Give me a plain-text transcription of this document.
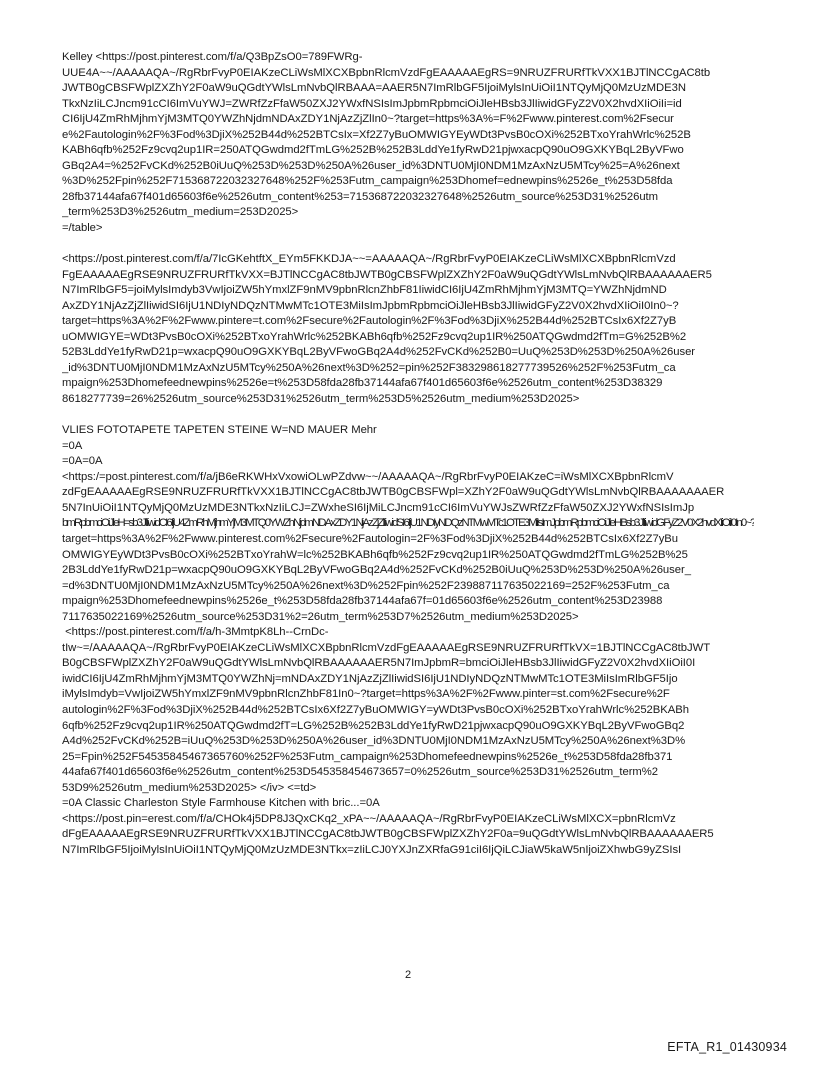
Kelley <https://post.pinterest.com/f/a/Q3BpZsO0=789FWRg-
UUE4A~~/AAAAAQA~/RgRbrFvyP0EIAKzeCLiWsMlXCXBpbnRlcmVzdFgEAAAAAEgRS=9NRUZFRURfTkVXX1BJTlNCCgAC8tb
JWTB0gCBSFWplZXZhY2F0aW9uQGdtYWlsLmNvbQlRBAAA=AAER5N7ImRlbGF5IjoiMylsInUiOiI1NTQyMjQ0MzUzMDE3N
TkxNzIiLCJncm91cCI6ImVuYWJ=ZWRfZzFfaW50ZXJ2YWxfNSIsImJpbmRpbmciOiJleHBsb3JlIiwidGFyZ2V0X2hvdXIiOiIi=id
CI6IjU4ZmRhMjhmYjM3MTQ0YWZhNjdmNDAxZDY1NjAzZjZlIn0~?target=https%3A%=F%2Fwww.pinterest.com%2Fsecur
e%2Fautologin%2F%3Fod%3DjiX%252B44d%252BTCsIx=Xf2Z7yBuOMWIGYEyWDt3PvsB0cOXi%252BTxoYrahWrlc%252B
KABh6qfb%252Fz9cvq2up1IR=250ATQGwdmd2fTmLG%252B%252B3LddYe1fyRwD21pjwxacpQ90uO9GXKYBqL2ByVFwo
GBq2A4=%252FvCKd%252B0iUuQ%253D%253D%250A%26user_id%3DNTU0MjI0NDM1MzAxNzU5MTcy%25=A%26next
%3D%252Fpin%252F715368722032327648%252F%253Futm_campaign%253Dhomef=ednewpins%2526e_t%253D58fda
28fb37144afa67f401d65603f6e%2526utm_content%253=715368722032327648%2526utm_source%253D31%2526utm
_term%253D3%2526utm_medium=253D2025>
=/table>
<https://post.pinterest.com/f/a/7IcGKehtftX_EYm5FKKDJA~~=AAAAAQA~/RgRbrFvyP0EIAKzeCLiWsMlXCXBpbnRlcmVzd
FgEAAAAAEgRSE9NRUZFRURfTkVXX=BJTlNCCgAC8tbJWTB0gCBSFWplZXZhY2F0aW9uQGdtYWlsLmNvbQlRBAAAAAAER5
N7ImRlbGF5=joiMylsImdyb3VwIjoiZW5hYmxlZF9nMV9pbnRlcnZhbF81IiwidCI6IjU4ZmRhMjhmYjM3MTQ=YWZhNjdmND
AxZDY1NjAzZjZlIiwidSI6IjU1NDIyNDQzNTMwMTc1OTE3MiIsImJpbmRpbmciOiJleHBsb3JlIiwidGFyZ2V0X2hvdXIiOiI0In0~?
target=https%3A%2F%2Fwww.pintere=t.com%2Fsecure%2Fautologin%2F%3Fod%3DjiX%252B44d%252BTCsIx6Xf2Z7yB
uOMWIGYE=WDt3PvsB0cOXi%252BTxoYrahWrlc%252BKABh6qfb%252Fz9cvq2up1IR%250ATQGwdmd2fTm=G%252B%2
52B3LddYe1fyRwD21p=wxacpQ90uO9GXKYBqL2ByVFwoGBq2A4d%252FvCKd%252B0=UuQ%253D%253D%250A%26user
_id%3DNTU0MjI0NDM1MzAxNzU5MTcy%250A%26next%3D%252=pin%252F383298618277739526%252F%253Futm_ca
mpaign%253Dhomefeednewpins%2526e=t%253D58fda28fb37144afa67f401d65603f6e%2526utm_content%253D38329
8618277739=26%2526utm_source%253D31%2526utm_term%253D5%2526utm_medium%253D2025>
VLIES FOTOTAPETE TAPETEN STEINE W=ND MAUER Mehr
=0A
=0A=0A
<https:/=post.pinterest.com/f/a/jB6eRKWHxVxowiOLwPZdvw~~/AAAAAQA~/RgRbrFvyP0EIAKzeC=iWsMlXCXBpbnRlcmV
zdFgEAAAAAEgRSE9NRUZFRURfTkVXX1BJTlNCCgAC8tbJWTB0gCBSFWpl=XZhY2F0aW9uQGdtYWlsLmNvbQlRBAAAAAAAER
5N7InUiOiI1NTQyMjQ0MzUzMDE3NTkxNzIiLCJ=ZWxheSI6IjMiLCJncm91cCI6ImVuYWJsZWRfZzFfaW50ZXJ2YWxfNSIsImJp
bmRpbmciOiJleH=sb3JlIiwidCI6IjU4ZmRhMjhmYjM3MTQ0YWZhNjdmNDAxZDY1NjAzZjZlIiwidSI6IjU1NDIyNDQzNTMwMTc1OTE3MiIsImJpbmRpbmciOiJleHBsb3JlIiwidGFyZ2V0X2hvdXIiOiI0In0~?
target=https%3A%2F%2Fwww.pinterest.com%2Fsecure%2Fautologin=2F%3Fod%3DjiX%252B44d%252BTCsIx6Xf2Z7yBu
OMWIGYEyWDt3PvsB0cOXi%252BTxoYrahW=lc%252BKABh6qfb%252Fz9cvq2up1IR%250ATQGwdmd2fTmLG%252B%25
2B3LddYe1fyRwD21p=wxacpQ90uO9GXKYBqL2ByVFwoGBq2A4d%252FvCKd%252B0iUuQ%253D%253D%250A%26user_
=d%3DNTU0MjI0NDM1MzAxNzU5MTcy%250A%26next%3D%252Fpin%252F239887117635022169=252F%253Futm_ca
mpaign%253Dhomefeednewpins%2526e_t%253D58fda28fb37144afa67f=01d65603f6e%2526utm_content%253D23988
7117635022169%2526utm_source%253D31%2=26utm_term%253D7%2526utm_medium%253D2025>
<https://post.pinterest.com/f/a/h-3MmtpK8Lh--CrnDc-
tIw~=/AAAAAQA~/RgRbrFvyP0EIAKzeCLiWsMlXCXBpbnRlcmVzdFgEAAAAAEgRSE9NRUZFRURfTkVX=1BJTlNCCgAC8tbJWT
B0gCBSFWplZXZhY2F0aW9uQGdtYWlsLmNvbQlRBAAAAAAER5N7ImJpbmR=bmciOiJleHBsb3JlIiwidGFyZ2V0X2hvdXIiOiI0I
iwidCI6IjU4ZmRhMjhmYjM3MTQ0YWZhNj=mNDAxZDY1NjAzZjZlIiwidSI6IjU1NDIyNDQzNTMwMTc1OTE3MiIsImRlbGF5Ijo
iMylsImdyb=VwIjoiZW5hYmxlZF9nMV9pbnRlcnZhbF81In0~?target=https%3A%2F%2Fwww.pinter=st.com%2Fsecure%2F
autologin%2F%3Fod%3DjiX%252B44d%252BTCsIx6Xf2Z7yBuOMWIGY=yWDt3PvsB0cOXi%252BTxoYrahWrlc%252BKABh
6qfb%252Fz9cvq2up1IR%250ATQGwdmd2fT=LG%252B%252B3LddYe1fyRwD21pjwxacpQ90uO9GXKYBqL2ByVFwoGBq2
A4d%252FvCKd%252B=iUuQ%253D%253D%250A%26user_id%3DNTU0MjI0NDM1MzAxNzU5MTcy%250A%26next%3D%
25=Fpin%252F54535845467365760%252F%253Futm_campaign%253Dhomefeednewpins%2526e_t%253D58fda28fb371
44afa67f401d65603f6e%2526utm_content%253D545358454673657=0%2526utm_source%253D31%2526utm_term%2
53D9%2526utm_medium%253D2025> </iv> <=td>
=0A Classic Charleston Style Farmhouse Kitchen with bric...=0A
<https://post.pin=erest.com/f/a/CHOk4j5DP8J3QxCKq2_xPA~~/AAAAAQA~/RgRbrFvyP0EIAKzeCLiWsMlXCX=pbnRlcmVz
dFgEAAAAAEgRSE9NRUZFRURfTkVXX1BJTlNCCgAC8tbJWTB0gCBSFWplZXZhY2F0a=9uQGdtYWlsLmNvbQlRBAAAAAAER5
N7ImRlbGF5IjoiMylsInUiOiI1NTQyMjQ0MzUzMDE3NTkx=zIiLCJ0YXJnZXRfaG91ciI6IjQiLCJiaW5kaW5nIjoiZXhwbG9yZSIsI
2
EFTA_R1_01430934
